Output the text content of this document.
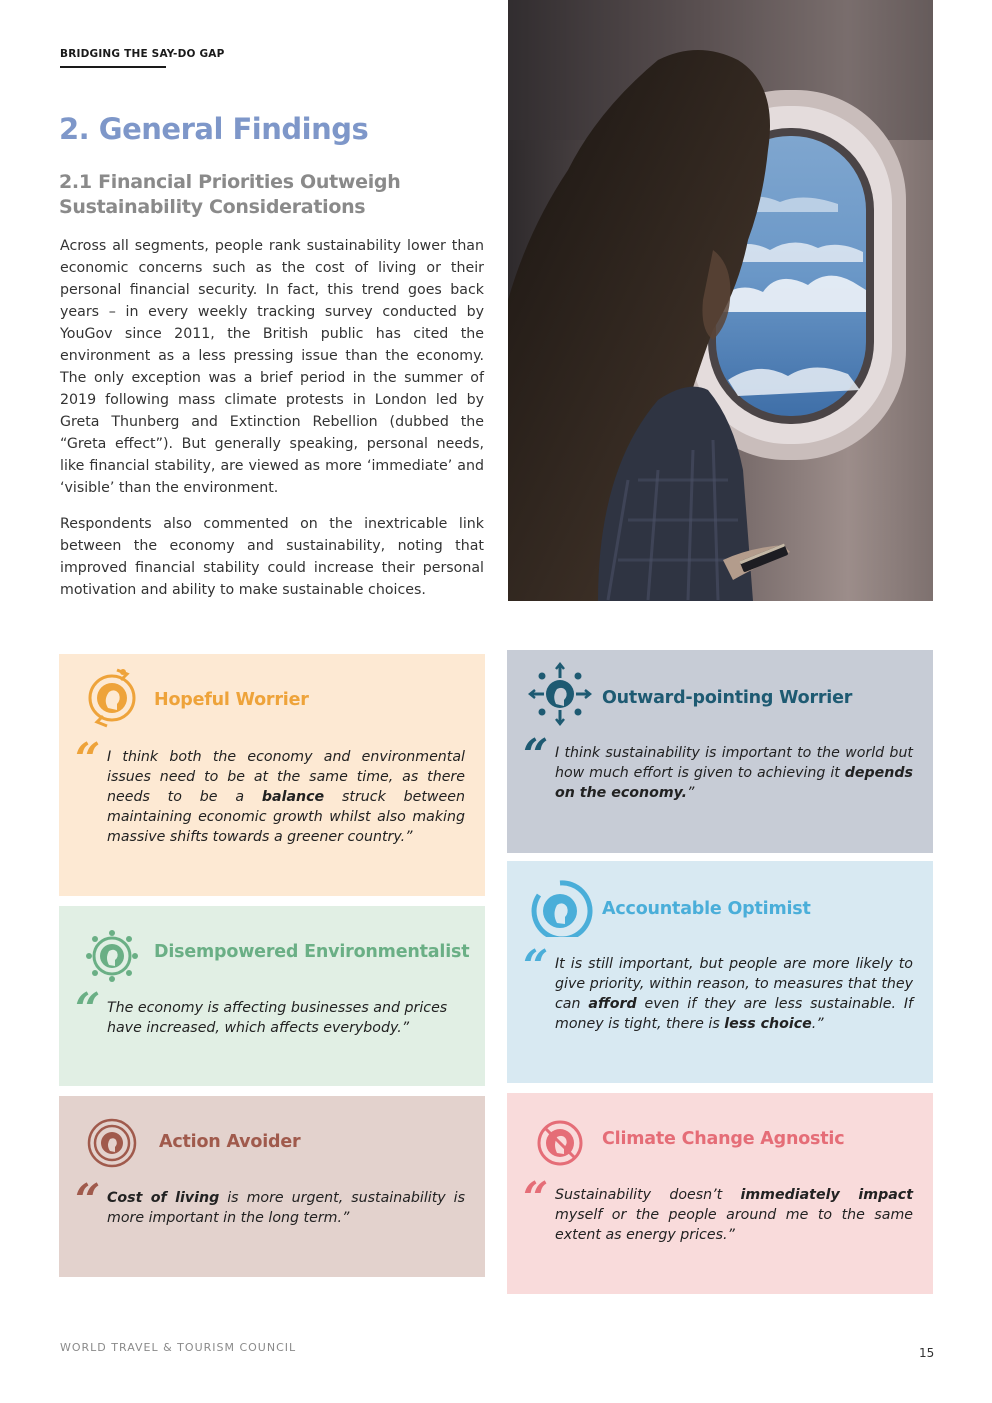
BRIDGING THE SAY-DO GAP
2. General Findings
2.1 Financial Priorities Outweigh Sustainability Considerations

Across all segments, people rank sustainability lower than economic concerns such as the cost of living or their personal financial security. In fact, this trend goes back years – in every weekly tracking survey conducted by YouGov since 2011, the British public has cited the environment as a less pressing issue than the economy. The only exception was a brief period in the summer of 2019 following mass climate protests in London led by Greta Thunberg and Extinction Rebellion (dubbed the “Greta effect”). But generally speaking, personal needs, like financial stability, are viewed as more ‘immediate’ and ‘visible’ than the environment.

Respondents also commented on the inextricable link between the economy and sustainability, noting that improved financial stability could increase their personal motivation and ability to make sustainable choices.

Hopeful Worrier
“ I think both the economy and environmental issues need to be at the same time, as there needs to be a balance struck between maintaining economic growth whilst also making massive shifts towards a greener country.”

Outward-pointing Worrier
“ I think sustainability is important to the world but how much effort is given to achieving it depends on the economy.”

Disempowered Environmentalist
“ The economy is affecting businesses and prices have increased, which affects everybody.”

Accountable Optimist
“ It is still important, but people are more likely to give priority, within reason, to measures that they can afford even if they are less sustainable. If money is tight, there is less choice.”

Action Avoider
“ Cost of living is more urgent, sustainability is more important in the long term.”

Climate Change Agnostic
“ Sustainability doesn’t immediately impact myself or the people around me to the same extent as energy prices.”

WORLD TRAVEL & TOURISM COUNCIL	15
